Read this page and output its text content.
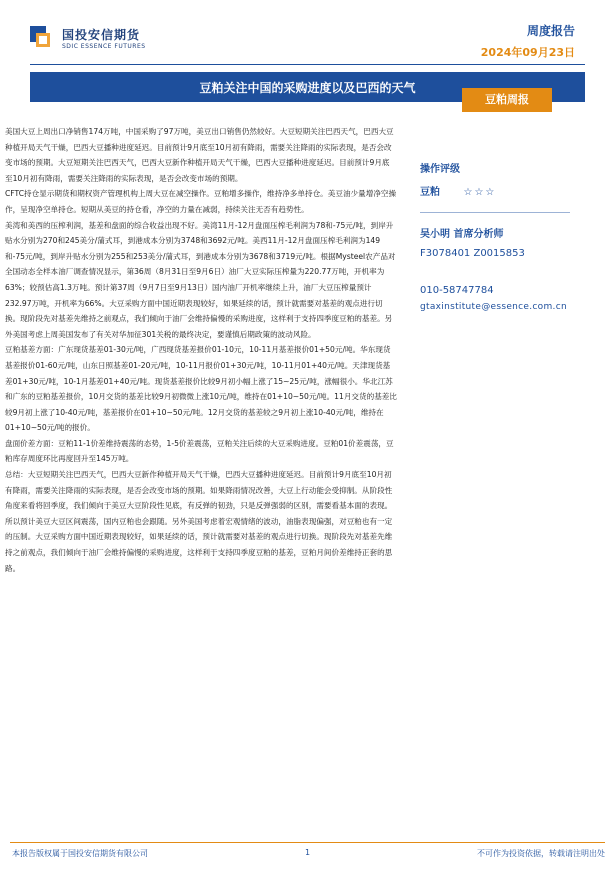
国投安信期货
SDIC ESSENCE FUTURES
周度报告
2024年09月23日
豆粕关注中国的采购进度以及巴西的天气
豆粕周报

美国大豆上周出口净销售174万吨，中国采购了97万吨，美豆出口销售仍然较好。大豆短期关注巴西天气，巴西大豆种植开局天气干燥，巴西大豆播种进度延迟。目前预计9月底至10月初有降雨，需要关注降雨的实际表现，是否会改变市场的预期。大豆短期关注巴西天气，巴西大豆新作种植开局天气干燥，巴西大豆播种进度延迟。目前预计9月底至10月初有降雨，需要关注降雨的实际表现，是否会改变市场的预期。

CFTC持仓显示期货和期权资产管理机构上周大豆在减空操作。豆粕增多操作，维持净多单持仓。美豆油少量增净空操作，呈现净空单持仓。短期从美豆的持仓看，净空的力量在减弱，持续关注无否有趋势性。

美湾和美西的压榨利润，基差和盘面的综合收益出现不好。美湾11月-12月盘面压榨毛利润为78和-75元/吨，到岸升贴水分别为270和245美分/蒲式耳，到港成本分别为3748和3692元/吨。美西11月-12月盘面压榨毛利润为149和-75元/吨，到岸升贴水分别为255和253美分/蒲式耳，到港成本分别为3678和3719元/吨。根据Mysteel农产品对全国动态全样本油厂调查情况显示，第36周（8月31日至9月6日）油厂大豆实际压榨量为220.77万吨，开机率为63%；较预估高1.3万吨。预计第37周（9月7日至9月13日）国内油厂开机率继续上升，油厂大豆压榨量预计232.97万吨，开机率为66%。大豆采购方面中国近期表现较好，如果延续的话，预计就需要对基差的观点进行切换。现阶段先对基差先维持之前观点，我们倾向于油厂会维持偏慢的采购进度，这样利于支持四季度豆粕的基差。另外美国考虑上周美国发布了有关对华加征301关税的最终决定，要谨慎后期政策的波动风险。

豆粕基差方面：广东现货基差01-30元/吨，广西现货基差报价01-10元，10-11月基差报价01+50元/吨。华东现货基差报价01-60元/吨，山东日照基差01-20元/吨，10-11月报价01+30元/吨，10-11月01+40元/吨。天津现货基差01+30元/吨，10-1月基差01+40元/吨。现货基差报价比较9月初小幅上涨了15~25元/吨，涨幅很小。华北江苏和广东的豆粕基差报价，10月交货的基差比较9月初微微上涨10元/吨，维持在01+10~50元/吨。11月交货的基差比较9月初上涨了10-40元/吨，基差报价在01+10~50元/吨。12月交货的基差较之9月初上涨10-40元/吨，维持在01+10~50元/吨的报价。

盘面价差方面：豆粕11-1价差维持震荡的态势，1-5价差震荡，豆粕关注后续的大豆采购进度。豆粕01价差震荡，豆粕库存周度环比再度回升至145万吨。

总结：大豆短期关注巴西天气，巴西大豆新作种植开局天气干燥，巴西大豆播种进度延迟。目前预计9月底至10月初有降雨，需要关注降雨的实际表现，是否会改变市场的预期。如果降雨情况改善，大豆上行动能会受抑制。从阶段性角度来看将回季度，我们倾向于美豆大豆阶段性见底，有反弹的韧劲，只是反弹强弱的区别，需要看基本面的表现。所以预计美豆大豆区间震荡，国内豆粕也会跟随。另外美国考虑着宏观情绪的波动，油脂表现偏强，对豆粕也有一定的压制。大豆采购方面中国近期表现较好，如果延续的话，预计就需要对基差的观点进行切换。现阶段先对基差先维持之前观点，我们倾向于油厂会维持偏慢的采购进度，这样利于支持四季度豆粕的基差，豆粕月间价差维持正套的思路。

操作评级
豆粕 ☆☆☆
吴小明 首席分析师
F3078401 Z0015853
010-58747784
gtaxinstitute@essence.com.cn
本报告版权属于国投安信期货有限公司	1	不可作为投资依据，转载请注明出处
